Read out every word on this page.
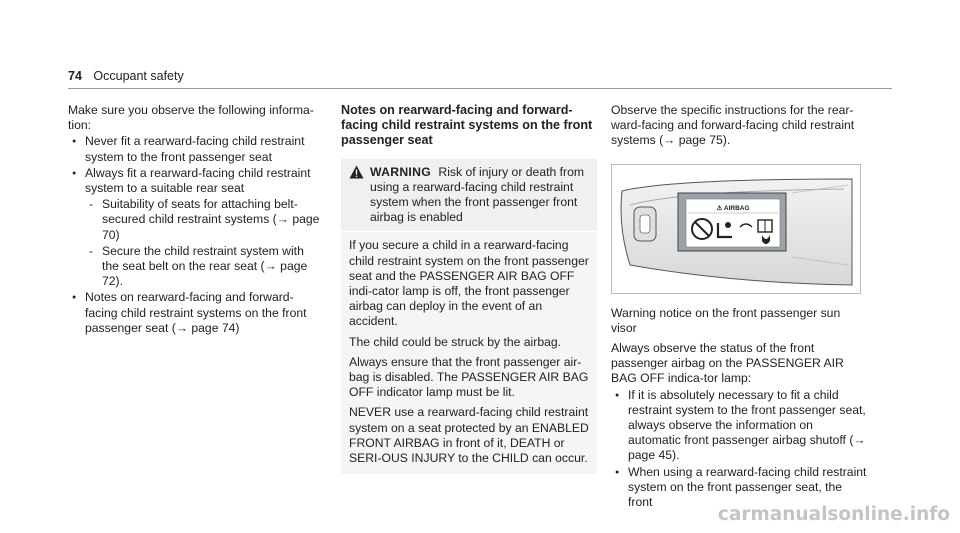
74 Occupant safety

Make sure you observe the following informa-tion:

● Never fit a rearward-facing child restraint system to the front passenger seat
● Always fit a rearward-facing child restraint system to a suitable rear seat
- Suitability of seats for attaching belt-secured child restraint systems (→ page 70)
- Secure the child restraint system with the seat belt on the rear seat (→ page 72).
● Notes on rearward-facing and forward-facing child restraint systems on the front passenger seat (→ page 74)

Notes on rearward-facing and forward-facing child restraint systems on the front passenger seat

WARNING Risk of injury or death from using a rearward-facing child restraint system when the front passenger front airbag is enabled

If you secure a child in a rearward-facing child restraint system on the front passenger seat and the PASSENGER AIR BAG OFF indi-cator lamp is off, the front passenger airbag can deploy in the event of an accident.

The child could be struck by the airbag.

Always ensure that the front passenger air-bag is disabled. The PASSENGER AIR BAG OFF indicator lamp must be lit.

NEVER use a rearward-facing child restraint system on a seat protected by an ENABLED FRONT AIRBAG in front of it, DEATH or SERI-OUS INJURY to the CHILD can occur.

Observe the specific instructions for the rear-ward-facing and forward-facing child restraint systems (→ page 75).

⚠ AIRBAG

Warning notice on the front passenger sun visor

Always observe the status of the front passenger airbag on the PASSENGER AIR BAG OFF indica-tor lamp:

● If it is absolutely necessary to fit a child restraint system to the front passenger seat, always observe the information on automatic front passenger airbag shutoff (→ page 45).
● When using a rearward-facing child restraint system on the front passenger seat, the front
carmanualsonline.info
